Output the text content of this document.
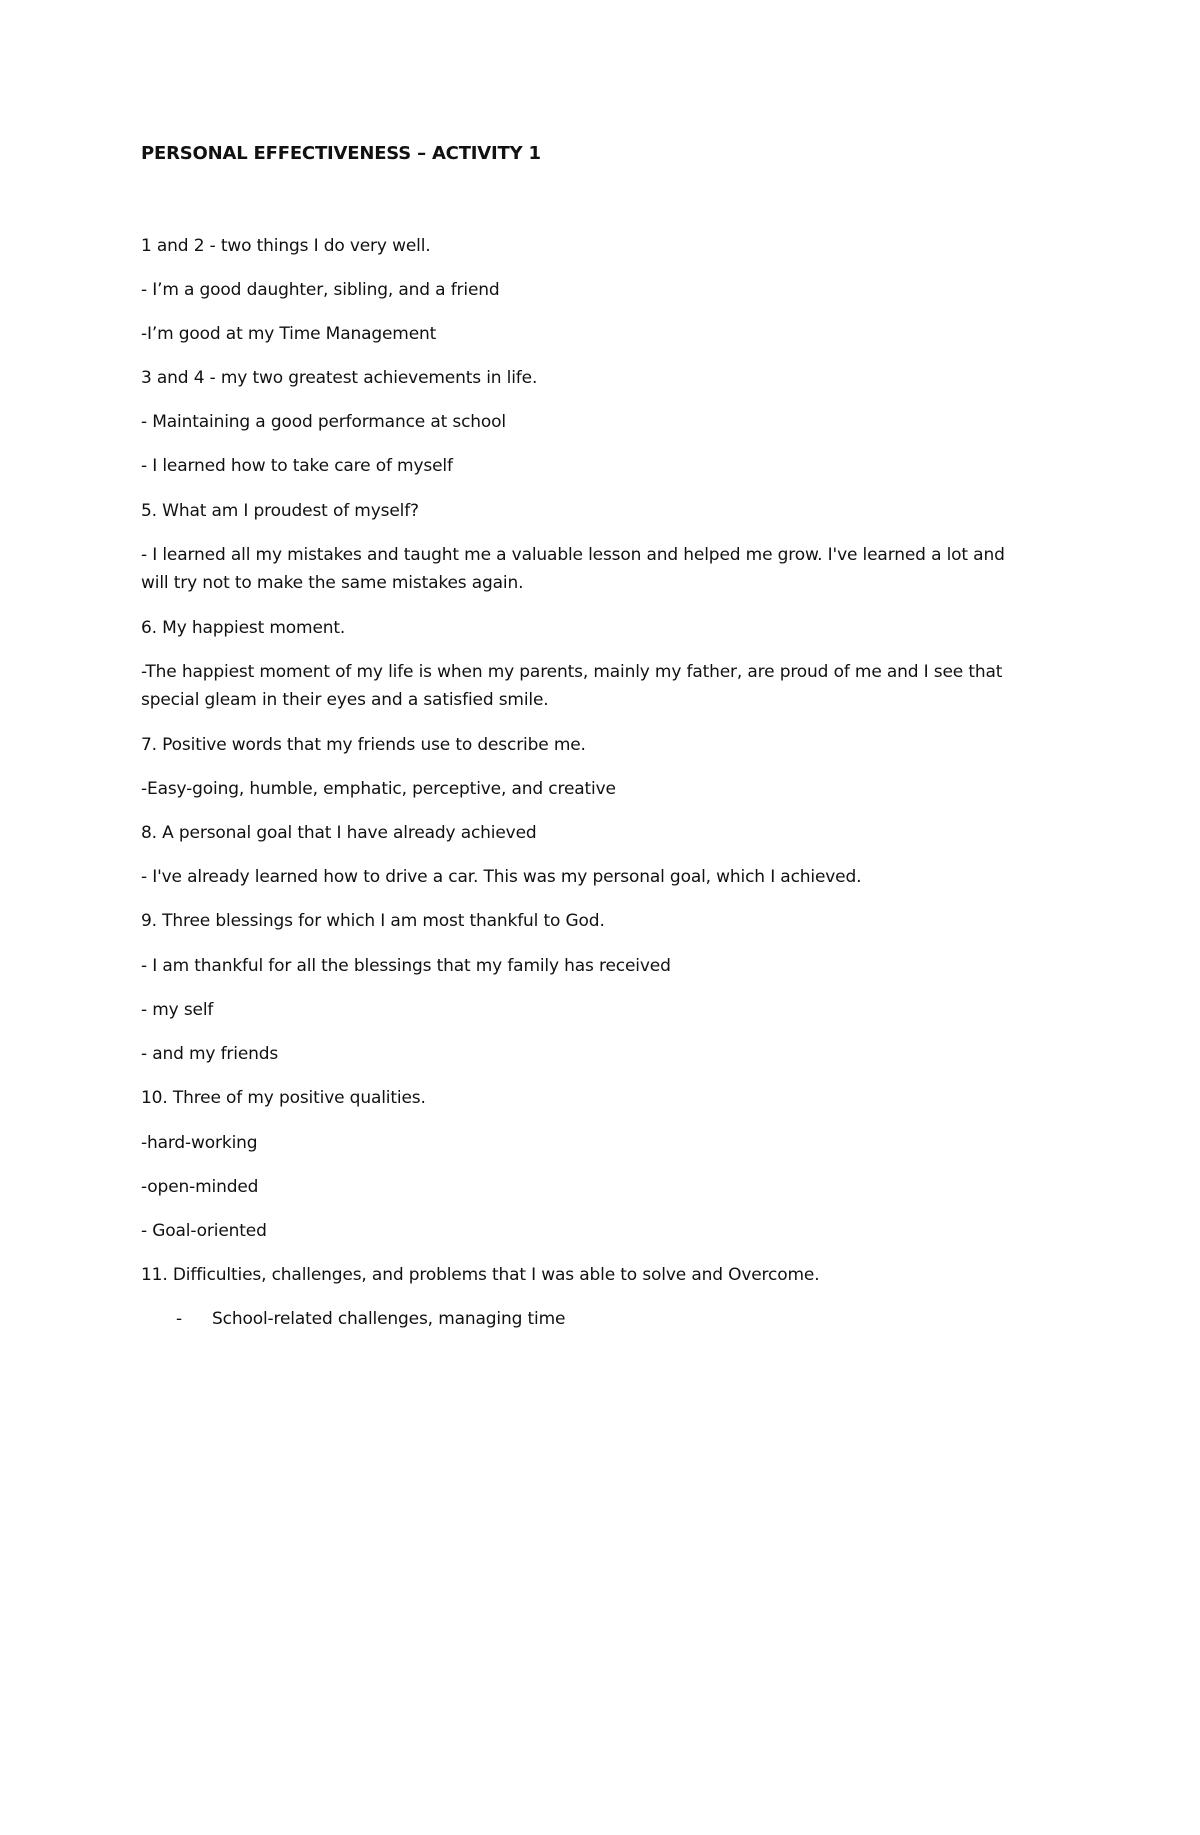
PERSONAL EFFECTIVENESS – ACTIVITY 1
1 and 2 - two things I do very well.
- I’m a good daughter, sibling, and a friend
-I’m good at my Time Management
3 and 4 - my two greatest achievements in life.
- Maintaining a good performance at school
- I learned how to take care of myself
5. What am I proudest of myself?
- I learned all my mistakes and taught me a valuable lesson and helped me grow. I've learned a lot and
will try not to make the same mistakes again.
6. My happiest moment.
-The happiest moment of my life is when my parents, mainly my father, are proud of me and I see that
special gleam in their eyes and a satisfied smile.
7. Positive words that my friends use to describe me.
-Easy-going, humble, emphatic, perceptive, and creative
8. A personal goal that I have already achieved
- I've already learned how to drive a car. This was my personal goal, which I achieved.
9. Three blessings for which I am most thankful to God.
- I am thankful for all the blessings that my family has received
- my self
- and my friends
10. Three of my positive qualities.
-hard-working
-open-minded
- Goal-oriented
11. Difficulties, challenges, and problems that I was able to solve and Overcome.
- School-related challenges, managing time
